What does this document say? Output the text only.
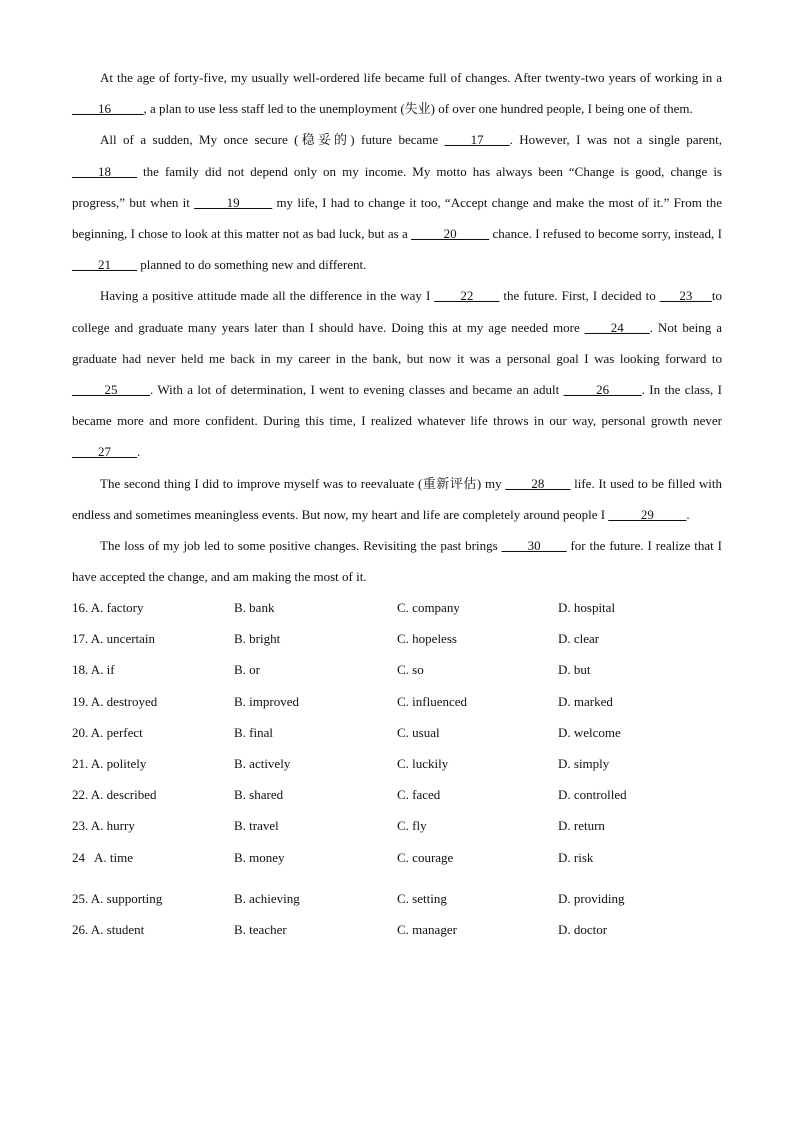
At the age of forty-five, my usually well-ordered life became full of changes. After twenty-two years of working in a ____16_____, a plan to use less staff led to the unemployment (失业) of over one hundred people, I being one of them.

All of a sudden, My once secure (稳妥的) future became ____17____. However, I was not a single parent, ____18____ the family did not depend only on my income. My motto has always been “Change is good, change is progress,” but when it _____19_____ my life, I had to change it too, “Accept change and make the most of it.” From the beginning, I chose to look at this matter not as bad luck, but as a _____20_____ chance. I refused to become sorry, instead, I ____21____ planned to do something new and different.

Having a positive attitude made all the difference in the way I ____22____ the future. First, I decided to ___23___to college and graduate many years later than I should have. Doing this at my age needed more ____24____. Not being a graduate had never held me back in my career in the bank, but now it was a personal goal I was looking forward to _____25_____. With a lot of determination, I went to evening classes and became an adult _____26_____. In the class, I became more and more confident. During this time, I realized whatever life throws in our way, personal growth never ____27____.

The second thing I did to improve myself was to reevaluate (重新评估) my ____28____ life. It used to be filled with endless and sometimes meaningless events. But now, my heart and life are completely around people I _____29_____.

The loss of my job led to some positive changes. Revisiting the past brings ____30____ for the future. I realize that I have accepted the change, and am making the most of it.

16. A. factory	B. bank	C. company	D. hospital
17. A. uncertain	B. bright	C. hopeless	D. clear
18. A. if	B. or	C. so	D. but
19. A. destroyed	B. improved	C. influenced	D. marked
20. A. perfect	B. final	C. usual	D. welcome
21. A. politely	B. actively	C. luckily	D. simply
22. A. described	B. shared	C. faced	D. controlled
23. A. hurry	B. travel	C. fly	D. return
24   A. time	B. money	C. courage	D. risk
25. A. supporting	B. achieving	C. setting	D. providing
26. A. student	B. teacher	C. manager	D. doctor
